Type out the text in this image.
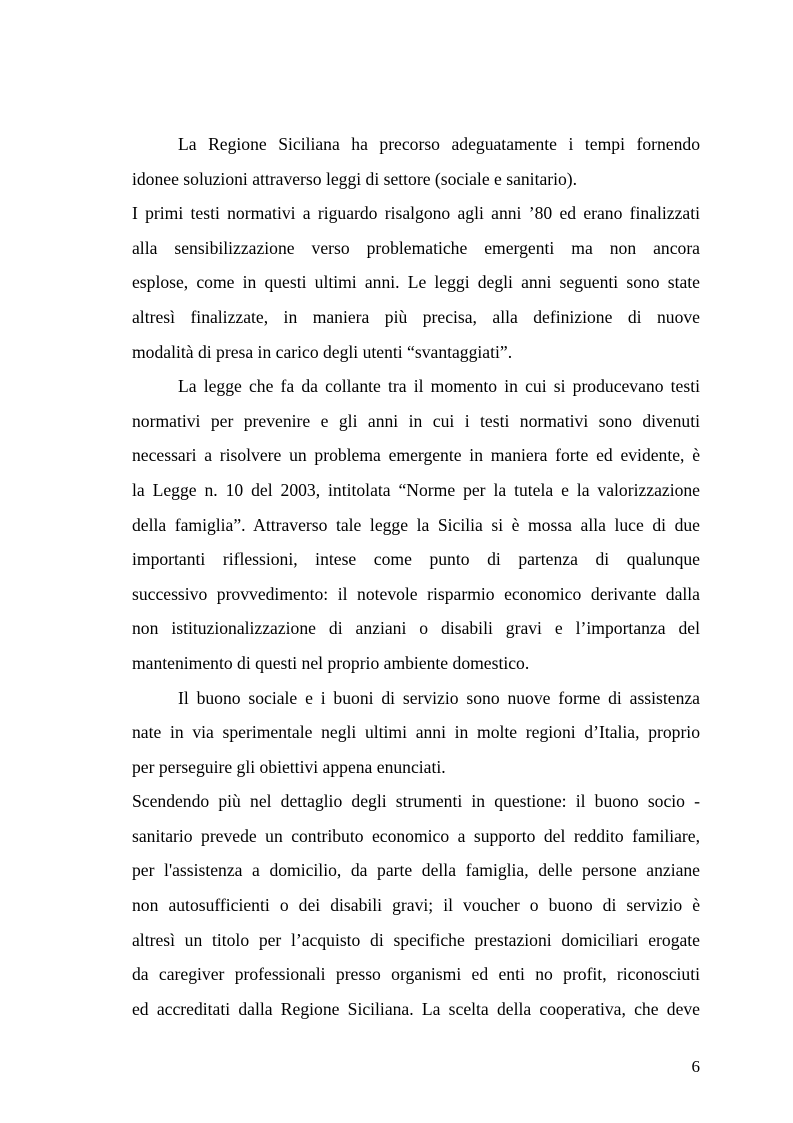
La Regione Siciliana ha precorso adeguatamente i tempi fornendo
idonee soluzioni attraverso leggi di settore (sociale e sanitario).
I primi testi normativi a riguardo risalgono agli anni ’80 ed erano finalizzati
alla sensibilizzazione verso problematiche emergenti ma non ancora
esplose, come in questi ultimi anni. Le leggi degli anni seguenti sono state
altresì finalizzate, in maniera più precisa, alla definizione di nuove
modalità di presa in carico degli utenti “svantaggiati”.
La legge che fa da collante tra il momento in cui si producevano testi
normativi per prevenire e gli anni in cui i testi normativi sono divenuti
necessari a risolvere un problema emergente in maniera forte ed evidente, è
la Legge n. 10 del 2003, intitolata “Norme per la tutela e la valorizzazione
della famiglia”. Attraverso tale legge la Sicilia si è mossa alla luce di due
importanti riflessioni, intese come punto di partenza di qualunque
successivo provvedimento: il notevole risparmio economico derivante dalla
non istituzionalizzazione di anziani o disabili gravi e l’importanza del
mantenimento di questi nel proprio ambiente domestico.
Il buono sociale e i buoni di servizio sono nuove forme di assistenza
nate in via sperimentale negli ultimi anni in molte regioni d’Italia, proprio
per perseguire gli obiettivi appena enunciati.
Scendendo più nel dettaglio degli strumenti in questione: il buono socio -
sanitario prevede un contributo economico a supporto del reddito familiare,
per l'assistenza a domicilio, da parte della famiglia, delle persone anziane
non autosufficienti o dei disabili gravi; il voucher o buono di servizio è
altresì un titolo per l’acquisto di specifiche prestazioni domiciliari erogate
da caregiver professionali presso organismi ed enti no profit, riconosciuti
ed accreditati dalla Regione Siciliana. La scelta della cooperativa, che deve
6
